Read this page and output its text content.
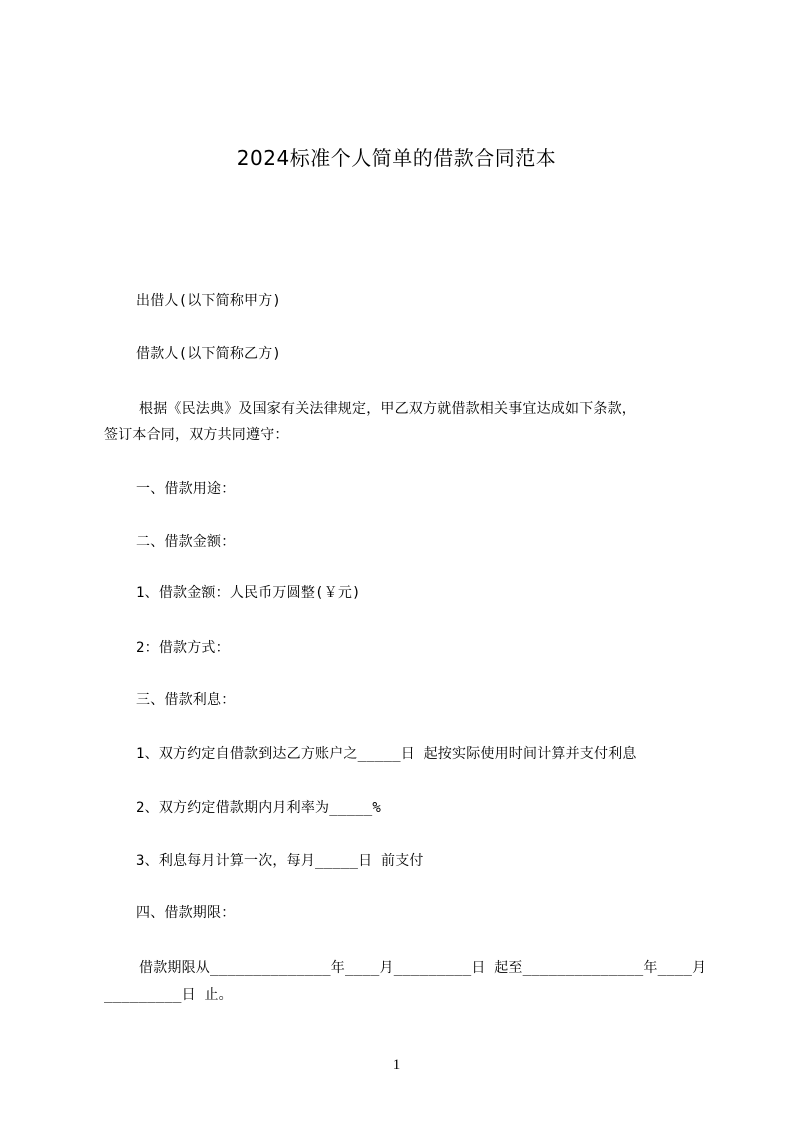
2024标准个人简单的借款合同范本
出借人(以下简称甲方)
借款人(以下简称乙方)
根据《民法典》及国家有关法律规定，甲乙双方就借款相关事宜达成如下条款，
签订本合同，双方共同遵守：
一、借款用途：
二、借款金额：
1、借款金额：人民币万圆整(￥元)
2：借款方式：
三、借款利息：
1、双方约定自借款到达乙方账户之_____日 起按实际使用时间计算并支付利息
2、双方约定借款期内月利率为_____%
3、利息每月计算一次，每月_____日 前支付
四、借款期限：
借款期限从______________年____月_________日 起至______________年____月
_________日 止。
1
